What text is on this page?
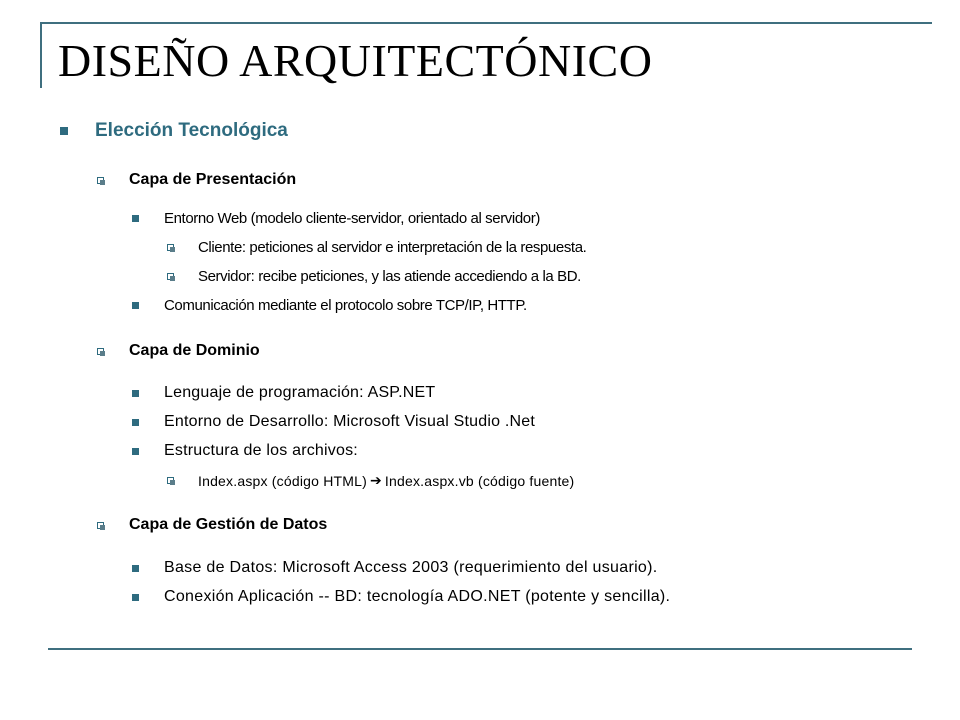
DISEÑO ARQUITECTÓNICO
Elección Tecnológica
Capa de Presentación
Entorno Web (modelo cliente-servidor, orientado al servidor)
Cliente: peticiones al servidor e interpretación de la respuesta.
Servidor: recibe peticiones, y las atiende accediendo a la BD.
Comunicación mediante el protocolo sobre TCP/IP, HTTP.
Capa de Dominio
Lenguaje de programación: ASP.NET
Entorno de Desarrollo: Microsoft Visual Studio .Net
Estructura de los archivos:
Index.aspx (código HTML) ➔ Index.aspx.vb (código fuente)
Capa de Gestión de Datos
Base de Datos: Microsoft Access 2003 (requerimiento del usuario).
Conexión Aplicación -- BD: tecnología ADO.NET (potente y sencilla).
